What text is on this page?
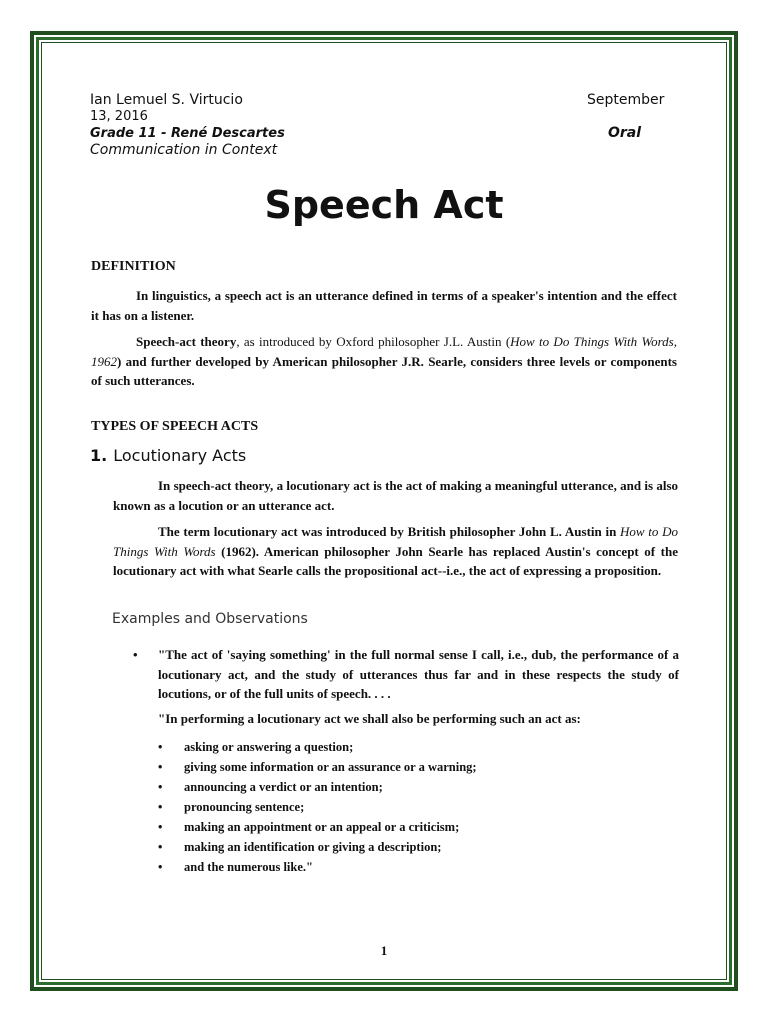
Ian Lemuel S. Virtucio	September
13, 2016
Grade 11 - René Descartes	Oral
Communication in Context
Speech Act
DEFINITION
In linguistics, a speech act is an utterance defined in terms of a speaker's intention and the effect it has on a listener.
Speech-act theory, as introduced by Oxford philosopher J.L. Austin (How to Do Things With Words, 1962) and further developed by American philosopher J.R. Searle, considers three levels or components of such utterances.
TYPES OF SPEECH ACTS
1. Locutionary Acts
In speech-act theory, a locutionary act is the act of making a meaningful utterance, and is also known as a locution or an utterance act.
The term locutionary act was introduced by British philosopher John L. Austin in How to Do Things With Words (1962). American philosopher John Searle has replaced Austin's concept of the locutionary act with what Searle calls the propositional act--i.e., the act of expressing a proposition.
Examples and Observations
• "The act of 'saying something' in the full normal sense I call, i.e., dub, the performance of a locutionary act, and the study of utterances thus far and in these respects the study of locutions, or of the full units of speech. . . .
"In performing a locutionary act we shall also be performing such an act as:
• asking or answering a question;
• giving some information or an assurance or a warning;
• announcing a verdict or an intention;
• pronouncing sentence;
• making an appointment or an appeal or a criticism;
• making an identification or giving a description;
• and the numerous like."
1
